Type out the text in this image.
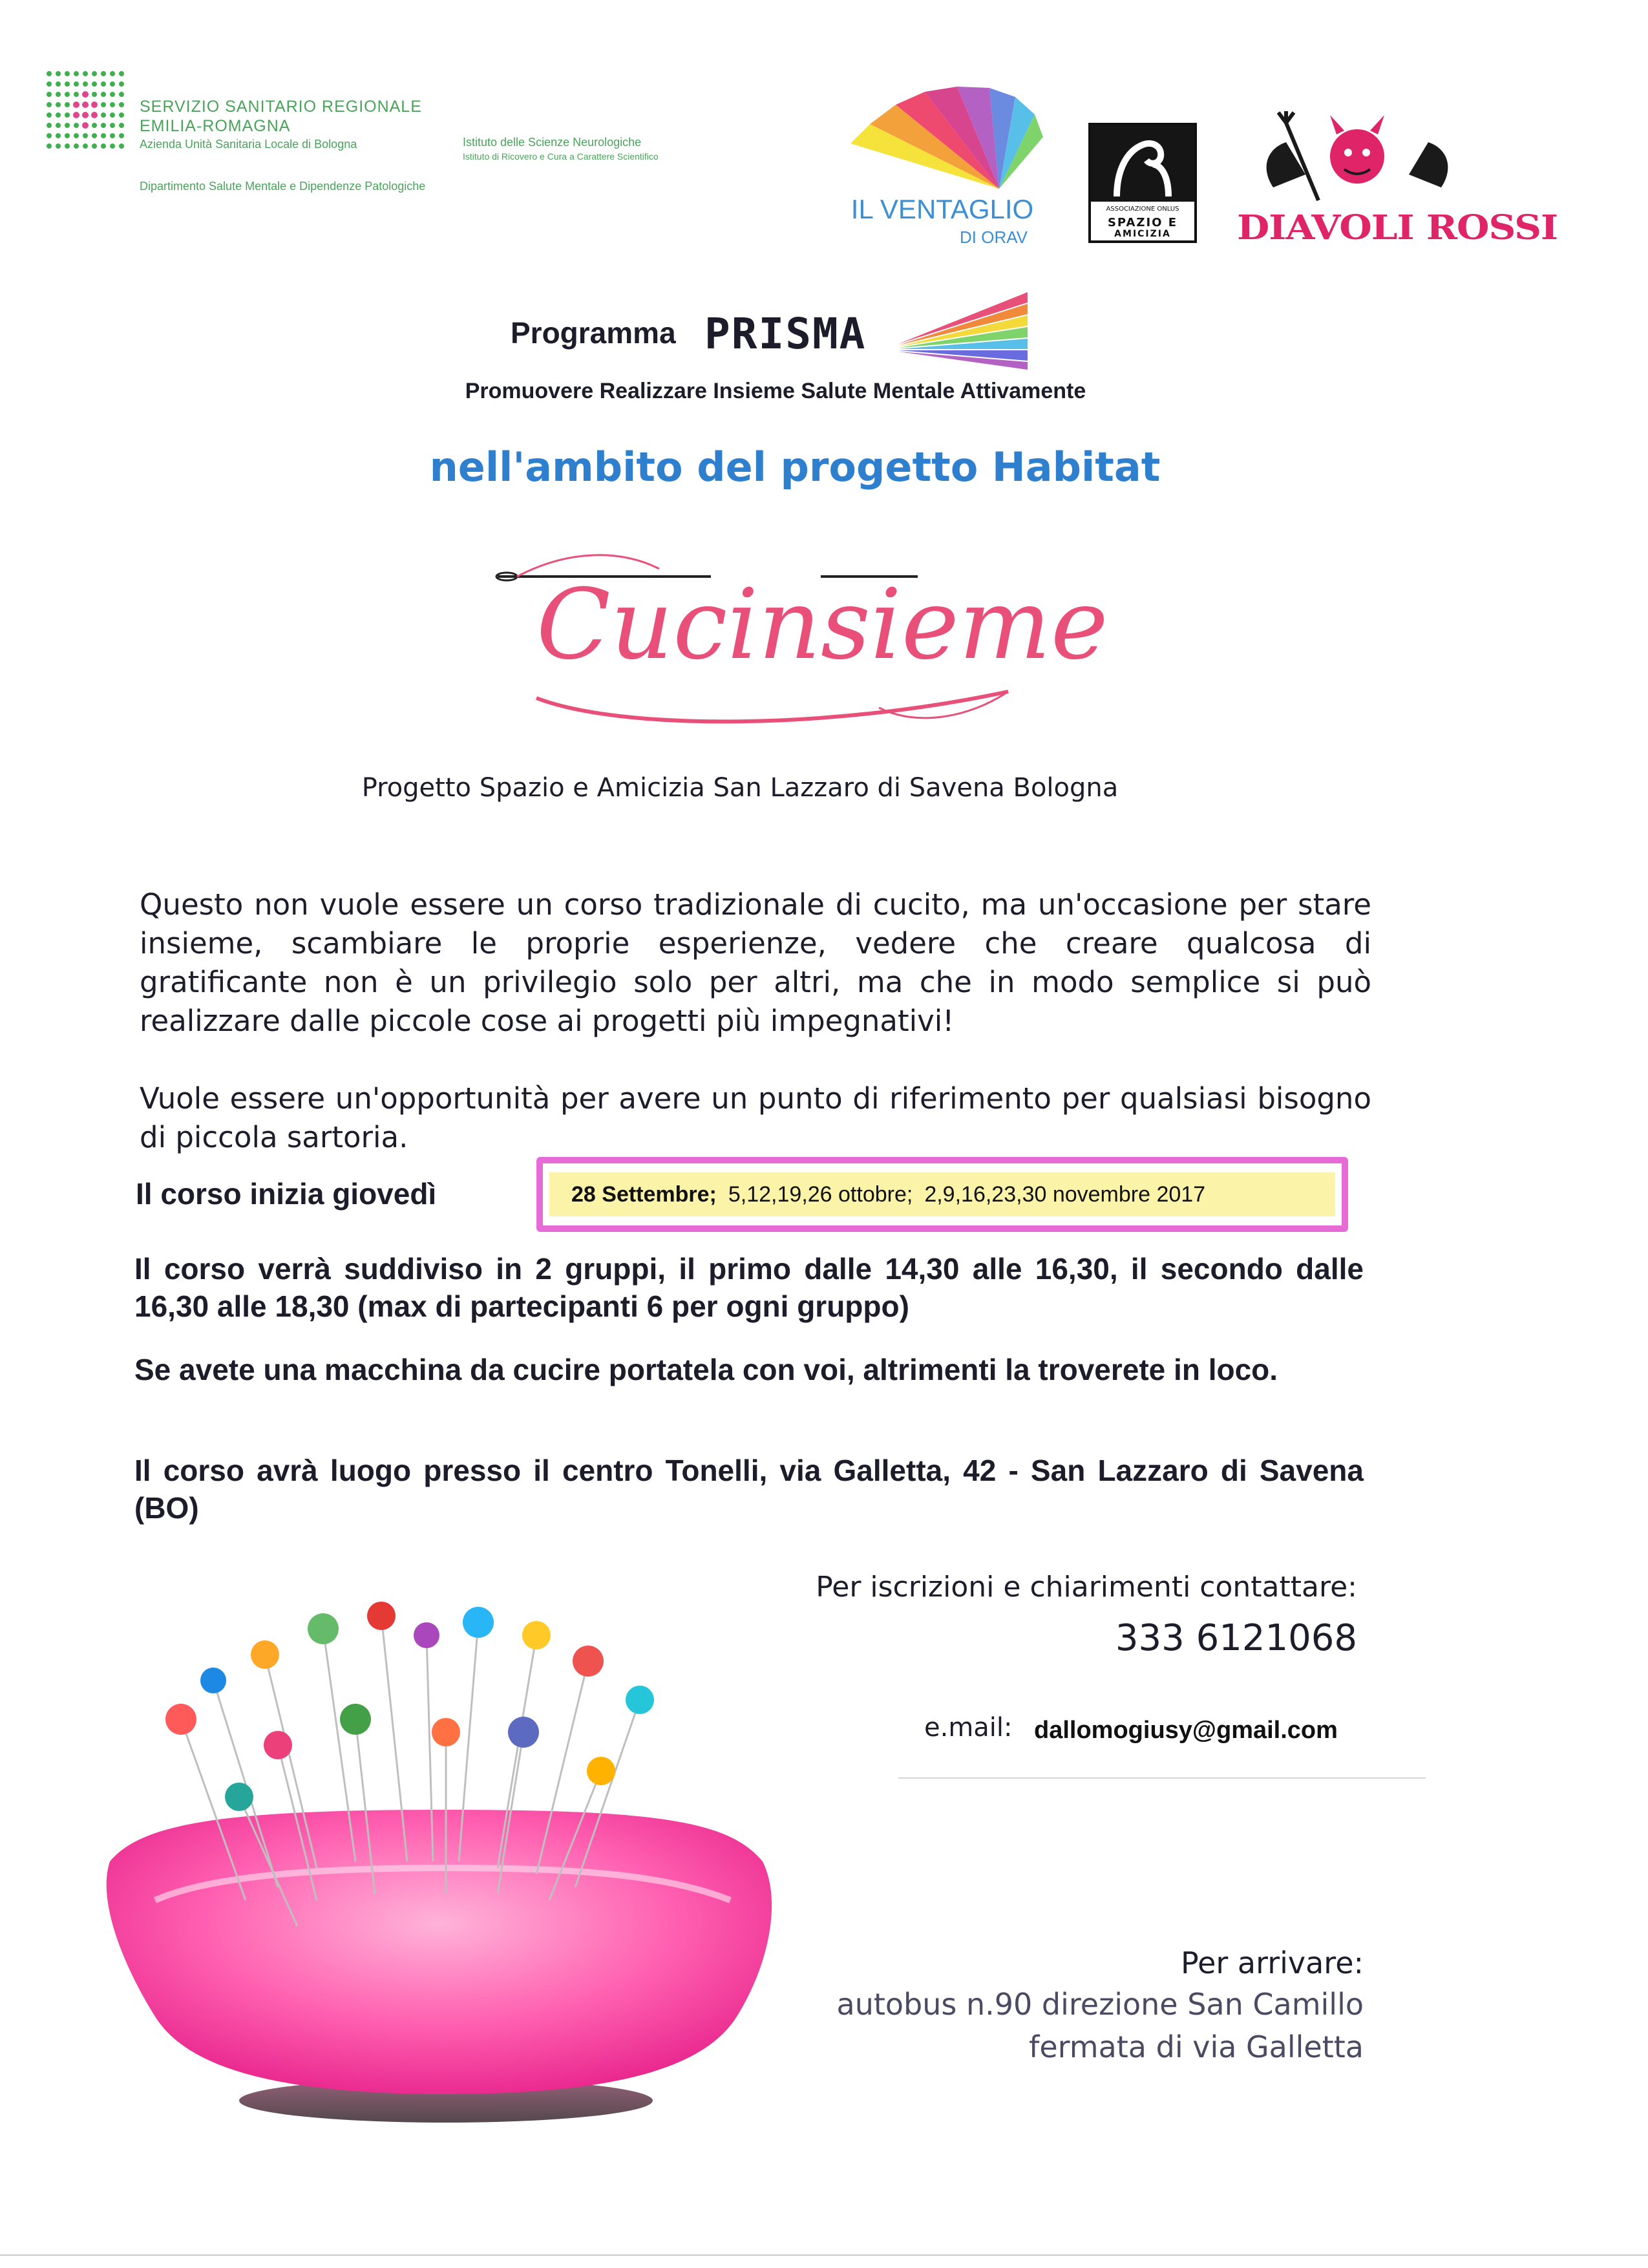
SERVIZIO SANITARIO REGIONALE
EMILIA-ROMAGNA
Azienda Unità Sanitaria Locale di Bologna
Dipartimento Salute Mentale e Dipendenze Patologiche
Istituto delle Scienze Neurologiche
Istituto di Ricovero e Cura a Carattere Scientifico
IL VENTAGLIO
DI ORAV
ASSOCIAZIONE ONLUS
SPAZIO E
AMICIZIA	DIAVOLI ROSSI
Programma PRISMA
Promuovere Realizzare Insieme Salute Mentale Attivamente
nell'ambito del progetto Habitat
Cucinsieme
Progetto Spazio e Amicizia San Lazzaro di Savena Bologna
Questo non vuole essere un corso tradizionale di cucito, ma un'occasione per stare insieme, scambiare le proprie esperienze, vedere che creare qualcosa di gratificante non è un privilegio solo per altri, ma che in modo semplice si può realizzare dalle piccole cose ai progetti più impegnativi!
Vuole essere un'opportunità per avere un punto di riferimento per qualsiasi bisogno di piccola sartoria.
Il corso inizia giovedì	28 Settembre; 5,12,19,26 ottobre; 2,9,16,23,30 novembre 2017
Il corso verrà suddiviso in 2 gruppi, il primo dalle 14,30 alle 16,30, il secondo dalle 16,30 alle 18,30 (max di partecipanti 6 per ogni gruppo)
Se avete una macchina da cucire portatela con voi, altrimenti la troverete in loco.
Il corso avrà luogo presso il centro Tonelli, via Galletta, 42 - San Lazzaro di Savena (BO)
Per iscrizioni e chiarimenti contattare:
333 6121068
e.mail: dallomogiusy@gmail.com
Per arrivare:
autobus n.90 direzione San Camillo
fermata di via Galletta
